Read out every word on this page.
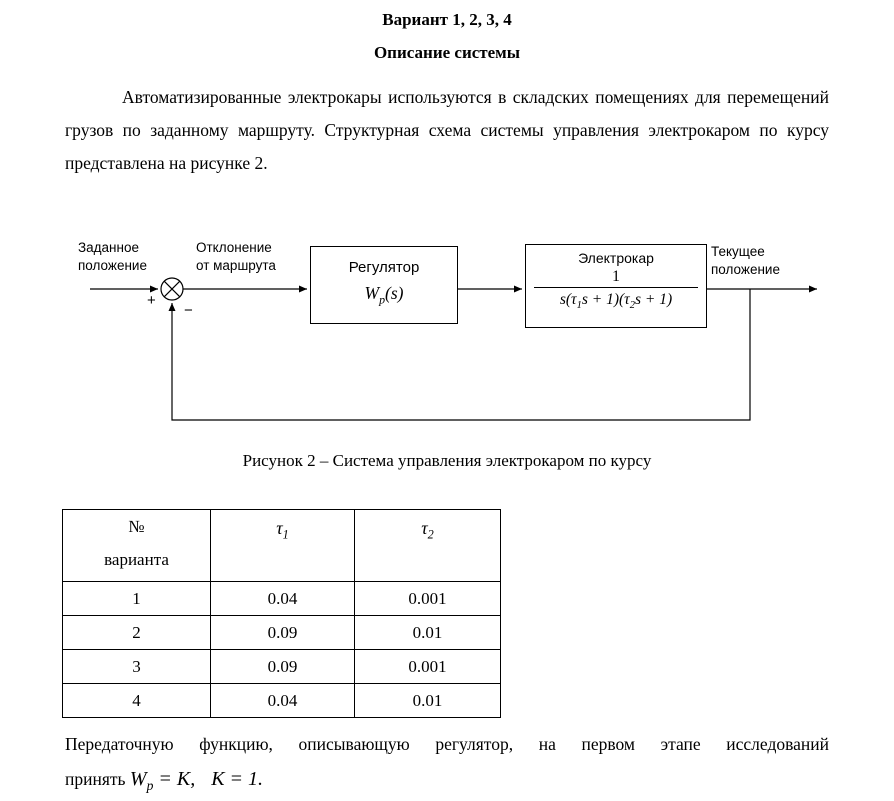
Вариант 1, 2, 3, 4
Описание системы

Автоматизированные электрокары используются в складских помещениях для перемещений грузов по заданному маршруту. Структурная схема системы управления электрокаром по курсу представлена на рисунке 2.

Заданное
положение
Отклонение
от маршрута
Текущее
положение
+
−
Регулятор
$W_p(s)$
Электрокар
1
$s(\tau_1s + 1)(\tau_2s + 1)$
Рисунок 2 – Система управления электрокаром по курсу
№
варианта	$\tau_1$	$\tau_2$
1	0.04	0.001
2	0.09	0.01
3	0.09	0.001
4	0.04	0.01

Передаточную функцию, описывающую регулятор, на первом этапе исследований

принять $W_p = K$, K = 1.
